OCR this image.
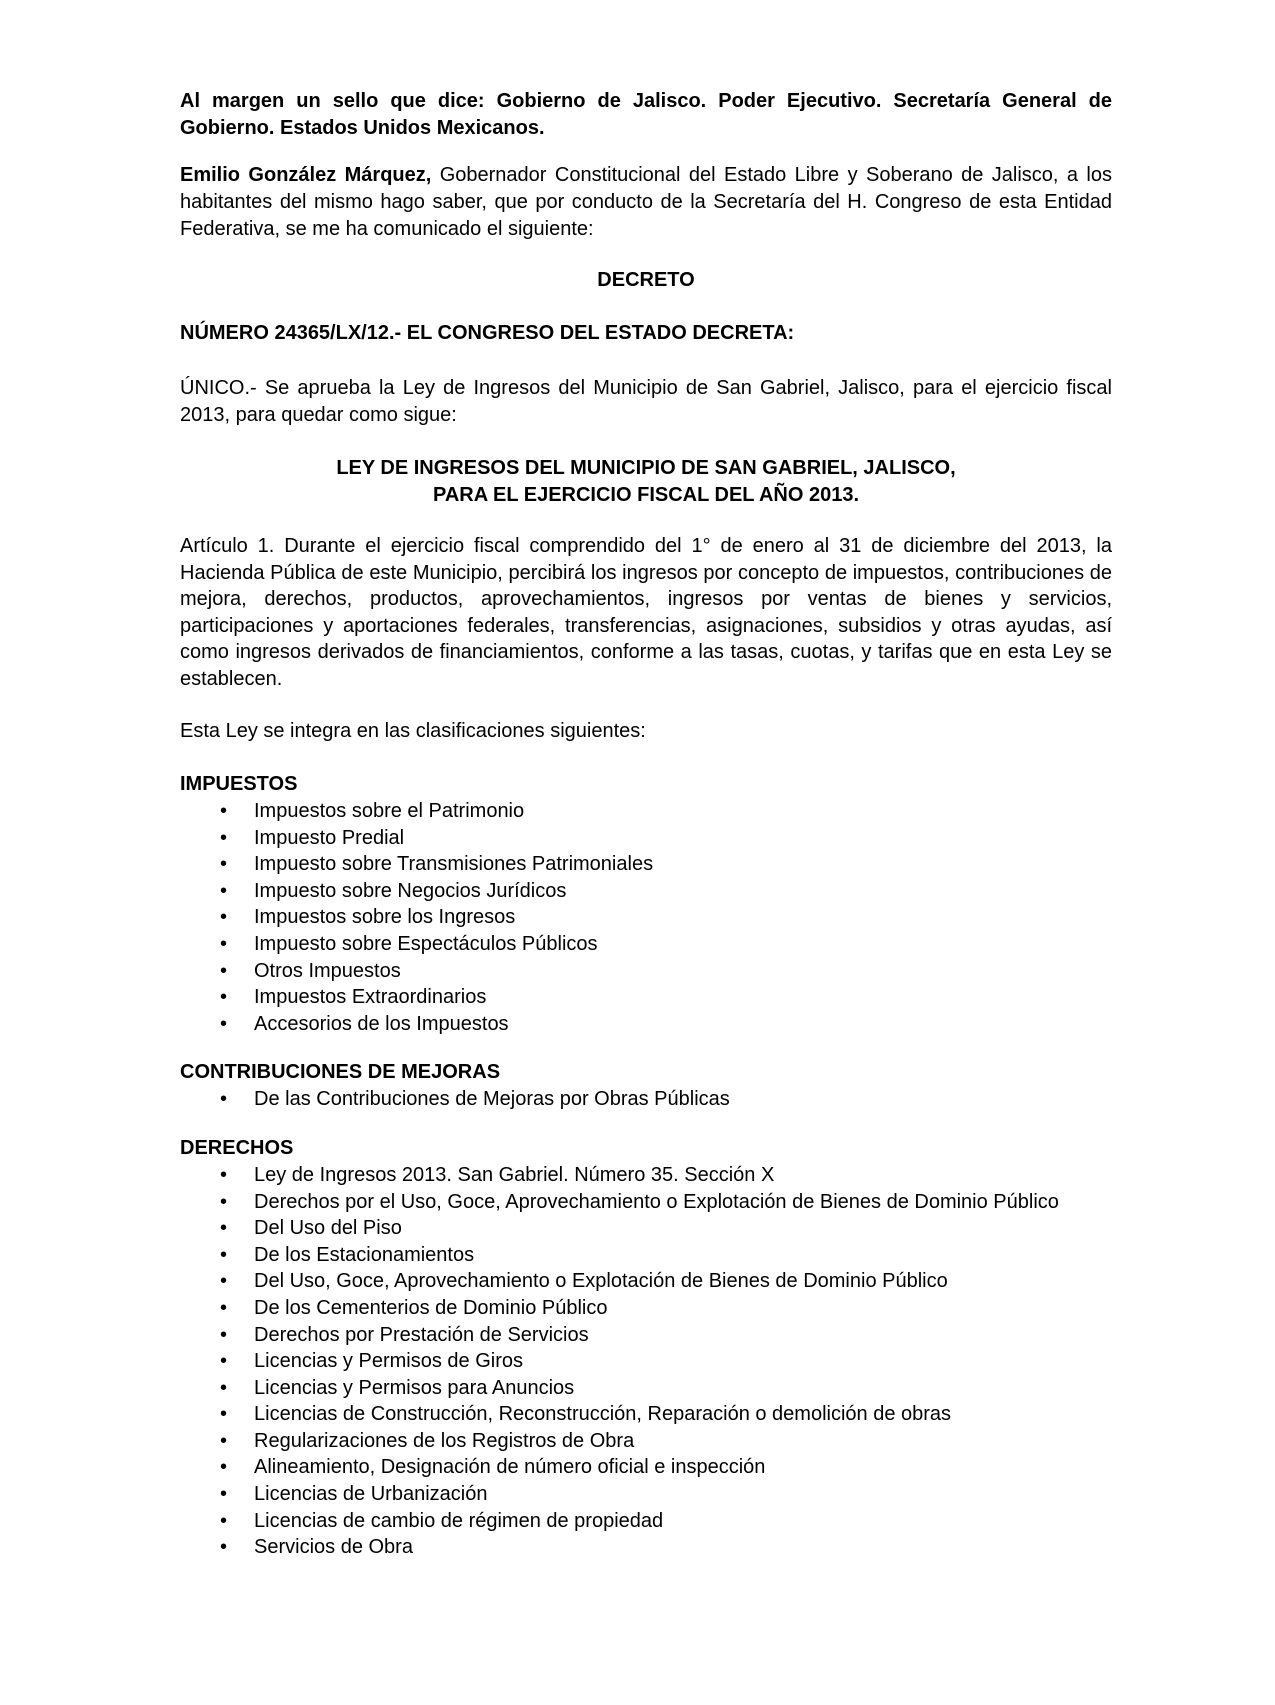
Al margen un sello que dice: Gobierno de Jalisco. Poder Ejecutivo. Secretaría General de Gobierno. Estados Unidos Mexicanos.

Emilio González Márquez, Gobernador Constitucional del Estado Libre y Soberano de Jalisco, a los habitantes del mismo hago saber, que por conducto de la Secretaría del H. Congreso de esta Entidad Federativa, se me ha comunicado el siguiente:

DECRETO

NÚMERO 24365/LX/12.- EL CONGRESO DEL ESTADO DECRETA:

ÚNICO.- Se aprueba la Ley de Ingresos del Municipio de San Gabriel, Jalisco, para el ejercicio fiscal 2013, para quedar como sigue:

LEY DE INGRESOS DEL MUNICIPIO DE SAN GABRIEL, JALISCO,

PARA EL EJERCICIO FISCAL DEL AÑO 2013.

Artículo 1. Durante el ejercicio fiscal comprendido del 1° de enero al 31 de diciembre del 2013, la Hacienda Pública de este Municipio, percibirá los ingresos por concepto de impuestos, contribuciones de mejora, derechos, productos, aprovechamientos, ingresos por ventas de bienes y servicios, participaciones y aportaciones federales, transferencias, asignaciones, subsidios y otras ayudas, así como ingresos derivados de financiamientos, conforme a las tasas, cuotas, y tarifas que en esta Ley se establecen.

Esta Ley se integra en las clasificaciones siguientes:

IMPUESTOS

• Impuestos sobre el Patrimonio
• Impuesto Predial
• Impuesto sobre Transmisiones Patrimoniales
• Impuesto sobre Negocios Jurídicos
• Impuestos sobre los Ingresos
• Impuesto sobre Espectáculos Públicos
• Otros Impuestos
• Impuestos Extraordinarios
• Accesorios de los Impuestos

CONTRIBUCIONES DE MEJORAS

• De las Contribuciones de Mejoras por Obras Públicas

DERECHOS

• Ley de Ingresos 2013. San Gabriel. Número 35. Sección X
• Derechos por el Uso, Goce, Aprovechamiento o Explotación de Bienes de Dominio Público
• Del Uso del Piso
• De los Estacionamientos
• Del Uso, Goce, Aprovechamiento o Explotación de Bienes de Dominio Público
• De los Cementerios de Dominio Público
• Derechos por Prestación de Servicios
• Licencias y Permisos de Giros
• Licencias y Permisos para Anuncios
• Licencias de Construcción, Reconstrucción, Reparación o demolición de obras
• Regularizaciones de los Registros de Obra
• Alineamiento, Designación de número oficial e inspección
• Licencias de Urbanización
• Licencias de cambio de régimen de propiedad
• Servicios de Obra
